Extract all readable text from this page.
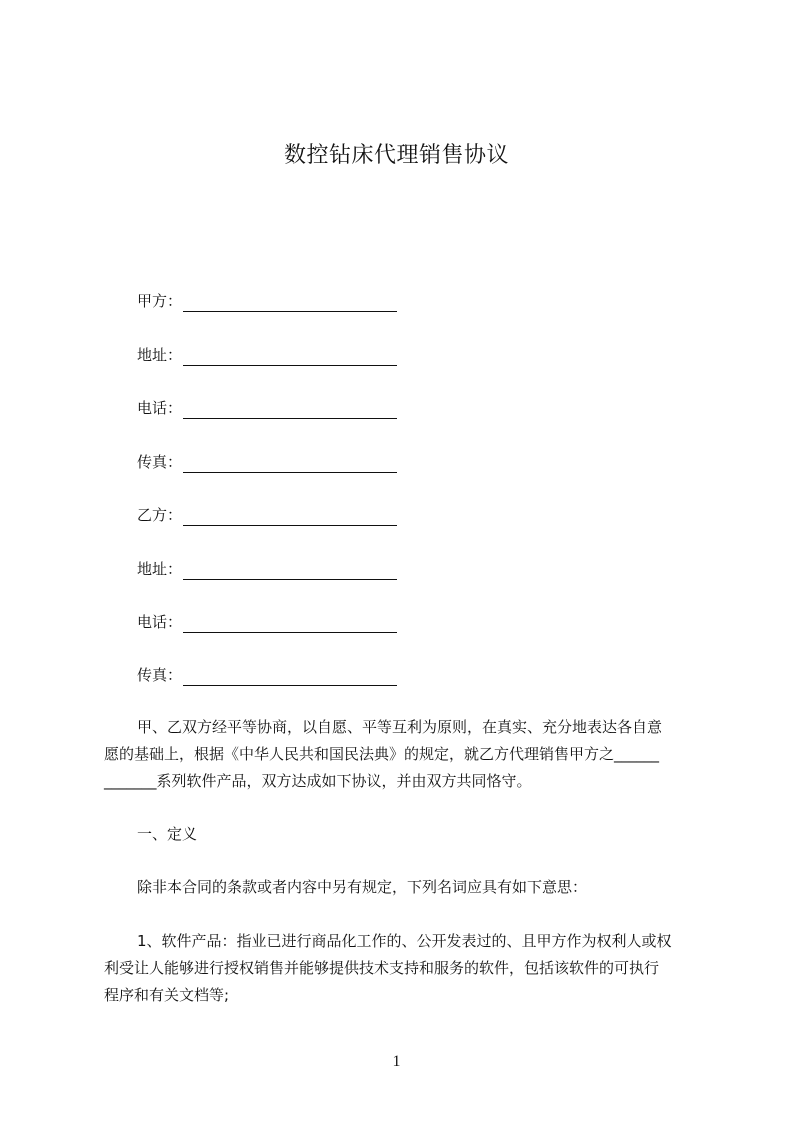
数控钻床代理销售协议
甲方：
地址：
电话：
传真：
乙方：
地址：
电话：
传真：
甲、乙双方经平等协商，以自愿、平等互利为原则，在真实、充分地表达各自意
愿的基础上，根据《中华人民共和国民法典》的规定，就乙方代理销售甲方之______
_______系列软件产品，双方达成如下协议，并由双方共同恪守。
一、定义
除非本合同的条款或者内容中另有规定，下列名词应具有如下意思：
1、软件产品：指业已进行商品化工作的、公开发表过的、且甲方作为权利人或权
利受让人能够进行授权销售并能够提供技术支持和服务的软件，包括该软件的可执行
程序和有关文档等;
1
